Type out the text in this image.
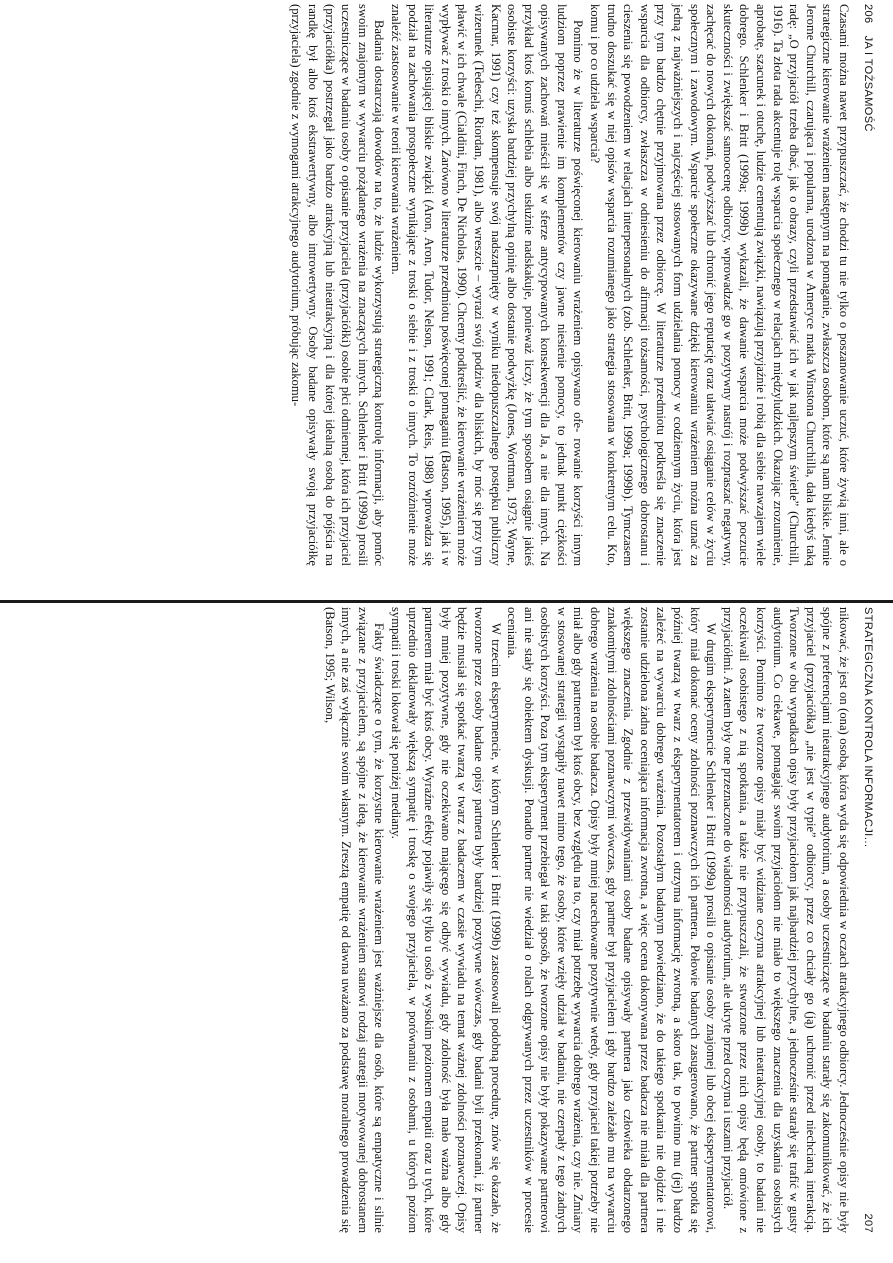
206
JA I TOŻSAMOŚĆ

Czasami można nawet przypuszczać, że chodzi tu nie tylko o poszanowanie uczuć, które żywią inni, ale o strategiczne kierowanie wrażeniem następnym na pomaganie, zwłaszcza osobom, które są nam bliskie. Jennie Jerome Churchill, czarująca i popularna, urodzona w Ameryce matka Winstona Churchilla, dała kiedyś taką radę: „O przyjaciół trzeba dbać, jak o obrazy, czyli przedstawiać ich w jak najlepszym świetle” (Churchill, 1916). Ta złota rada akcentuje rolę wsparcia społecznego w relacjach międzyludzkich. Okazując zrozumienie, aprobatę, szacunek i otuchę, ludzie cementują związki, nawiązują przyjaźnie i robią dla siebie nawzajem wiele dobrego. Schlenker i Britt (1999a; 1999b) wykazali, że dawanie wsparcia może podwyższać poczucie skuteczności i zwiększać samoocenę odbiorcy, wprowadzać go w pozytywny nastrój i rozpraszać negatywny, zachęcać do nowych dokonań, podwyższać lub chronić jego reputację oraz ułatwiać osiąganie celów w życiu społecznym i zawodowym. Wsparcie społeczne okazywane dzięki kierowaniu wrażeniem można uznać za jedną z najważniejszych i najczęściej stosowanych form udzielania pomocy w codziennym życiu, która jest przy tym bardzo chętnie przyjmowana przez odbiorcę. W literaturze przedmiotu podkreśla się znaczenie wsparcia dla odbiorcy, zwłaszcza w odniesieniu do afirmacji tożsamości, psychologicznego dobrostanu i cieszenia się powodzeniem w relacjach interpersonalnych (zob. Schlenker, Britt, 1999a; 1999b). Tymczasem trudno doszukać się w niej opisów wsparcia rozumianego jako strategia stosowana w konkretnym celu. Kto, komu i po co udziela wsparcia?

Pomimo że w literaturze poświęconej kierowaniu wrażeniem opisywano ofe- rowanie korzyści innym ludziom poprzez prawienie im komplementów czy jawne niesienie pomocy, to jednak punkt ciężkości opisywanych zachowań mieścił się w sferze antycypowanych konsekwencji dla Ja, a nie dla innych. Na przykład ktoś komuś schlebia albo usłużnie nadskakuje, ponieważ liczy, że tym sposobem osiągnie jakieś osobiste korzyści: uzyska bardziej przychylną opinię albo dostanie podwyżkę (Jones, Wortman, 1973; Wayne, Kacmar, 1991) czy też skompensuje swój nadszarpnięty w wyniku niedopuszczalnego postępku publiczny wizerunek (Tedeschi, Riordan, 1981), albo wreszcie – wyrazi swój podziw dla bliskich, by móc się przy tym pławić w ich chwale (Cialdini, Finch, De Nicholas, 1990). Chcemy podkreślić, że kierowanie wrażeniem może wypływać z troski o innych. Zarówno w literaturze przedmiotu poświęconej pomaganiu (Batson, 1995), jak i w literaturze opisującej bliskie związki (Aron, Aron, Tudor, Nelson, 1991; Clark, Reis, 1988) wprowadza się podział na zachowania prospołeczne wynikające z troski o siebie i z troski o innych. To rozróżnienie może znaleźć zastosowanie w teorii kierowania wrażeniem.

Badania dostarczają dowodów na to, że ludzie wykorzystują strategiczną kontrolę informacji, aby pomóc swoim znajomym w wywarciu pożądanego wrażenia na znaczących innych. Schlenker i Britt (1999a) prosili uczestniczące w badaniu osoby o opisanie przyjaciela (przyjaciółki) osobie płci odmiennej, która ich przyjaciel (przyjaciółka) postrzegał jako bardzo atrakcyjną lub nieatrakcyjną i dla której idealną osobą do pójścia na randkę był albo ktoś ekstrawertywny, albo introwertywny. Osoby badane opisywały swoją przyjaciółkę (przyjaciela) zgodnie z wymogami atrakcyjnego audytorium, próbując zakomu-

STRATEGICZNA KONTROLA INFORMACJI…
207

nikować, że jest on (ona) osobą, która wyda się odpowiednia w oczach atrakcyjnego odbiorcy. Jednocześnie opisy nie były spójne z preferencjami nieatrakcyjnego audytorium, a osoby uczestniczące w badaniu starały się zakomunikować, że ich przyjaciel (przyjaciółka) „nie jest w typie” odbiorcy, przez co chciały go (ją) uchronić przed niechcianą interakcją. Tworzone w obu wypadkach opisy były przyjaciołom jak najbardziej przychylne, a jednocześnie starały się trafić w gusty audytorium. Co ciekawe, pomagając swoim przyjaciołom nie miało to większego znaczenia dla uzyskania osobistych korzyści. Pomimo że tworzone opisy miały być widziane oczyma atrakcyjnej lub nieatrakcyjnej osoby, to badani nie oczekiwali osobistego z nią spotkania, a także nie przypuszczali, że stworzone przez nich opisy będą omówione z przyjaciółmi. A zatem były one przeznaczone do wiadomości audytorium, ale ukryte przed oczyma i uszami przyjaciół.

W drugim eksperymencie Schlenker i Britt (1999a) prosili o opisanie osoby znajomej lub obcej eksperymentatorowi, który miał dokonać oceny zdolności poznawczych ich partnera. Połowie badanych zasugerowano, że partner spotka się później twarzą w twarz z eksperymentatorem i otrzyma informację zwrotną, a skoro tak, to powinno mu (jej) bardzo zależeć na wywarciu dobrego wrażenia. Pozostałym badanym powiedziano, że do takiego spotkania nie dojdzie i nie zostanie udzielona żadna oceniająca informacja zwrotna, a więc ocena dokonywana przez badacza nie miała dla partnera większego znaczenia. Zgodnie z przewidywaniami osoby badane opisywały partnera jako człowieka obdarzonego znakomitymi zdolnościami poznawczymi wówczas, gdy partner był przyjacielem i gdy bardzo zależało mu na wywarciu dobrego wrażenia na osobie badacza. Opisy były mniej nacechowane pozytywnie wtedy, gdy przyjaciel takiej potrzeby nie miał albo gdy partnerem był ktoś obcy, bez względu na to, czy miał potrzebę wywarcia dobrego wrażenia, czy nie. Zmiany w stosowanej strategii wystąpiły nawet mimo tego, że osoby, które wzięły udział w badaniu, nie czerpały z tego żadnych osobistych korzyści. Poza tym eksperyment przebiegał w taki sposób, że tworzone opisy nie były pokazywane partnerowi ani nie stały się obiektem dyskusji. Ponadto partner nie wiedział o rolach odgrywanych przez uczestników w procesie oceniania.

W trzecim eksperymencie, w którym Schlenker i Britt (1999b) zastosowali podobną procedurę, znów się okazało, że tworzone przez osoby badane opisy partnera były bardziej pozytywne wówczas, gdy badani byli przekonani, iż partner będzie musiał się spotkać twarzą w twarz z badaczem w czasie wywiadu na temat ważnej zdolności poznawczej. Opisy były mniej pozytywne, gdy nie oczekiwano mającego się odbyć wywiadu, gdy zdolność była mało ważna albo gdy partnerem miał być ktoś obcy. Wyraźne efekty pojawiły się tylko u osób z wysokim poziomem empatii oraz u tych, które uprzednio deklarowały większą sympatię i troskę o swojego przyjaciela, w porównaniu z osobami, u których poziom sympatii i troski lokował się poniżej mediany.

Fakty świadczące o tym, że korzystne kierowanie wrażeniem jest ważniejsze dla osób, które są empatyczne i silnie związane z przyjacielem, są spójne z ideą, że kierowanie wrażeniem stanowi rodzaj strategii motywowanej dobrostanem innych, a nie zaś wyłącznie swoim własnym. Zresztą empatię od dawna uważano za podstawę moralnego prowadzenia się (Batson, 1995; Wilson,
